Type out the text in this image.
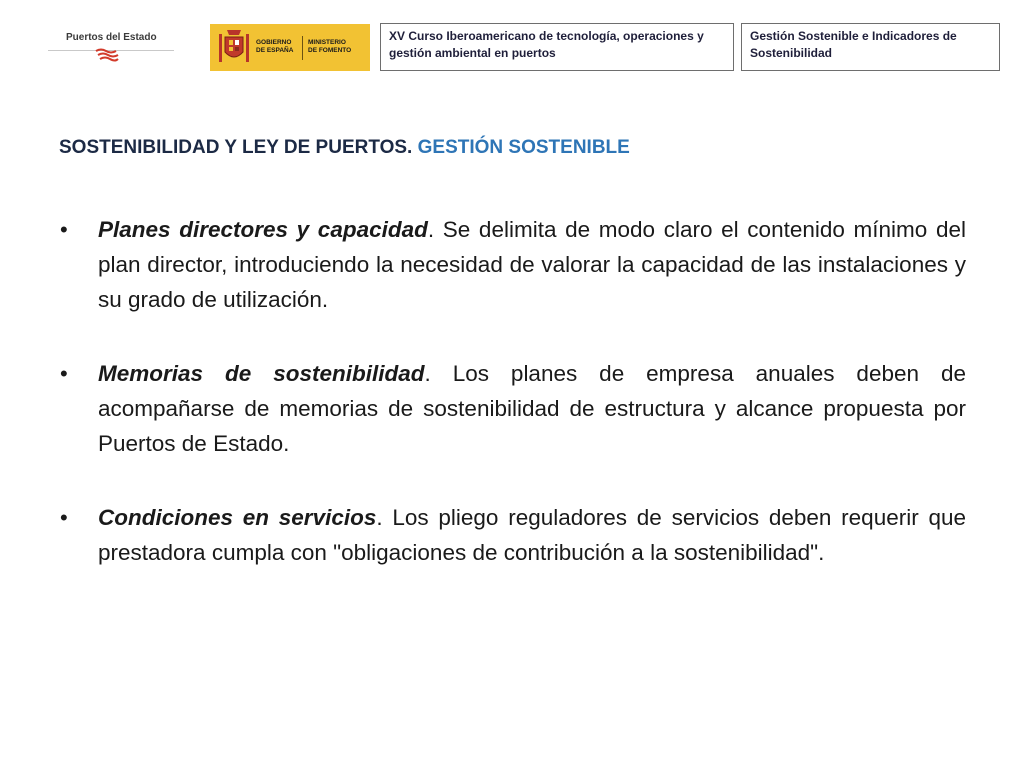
Puertos del Estado	GOBIERNO
DE ESPAÑA
MINISTERIO
DE FOMENTO
XV Curso Iberoamericano de tecnología, operaciones y gestión ambiental en puertos
Gestión Sostenible e Indicadores de Sostenibilidad
SOSTENIBILIDAD Y LEY DE PUERTOS. GESTIÓN SOSTENIBLE
• Planes directores y capacidad. Se delimita de modo claro el contenido mínimo del plan director, introduciendo la necesidad de valorar la capacidad de las instalaciones y su grado de utilización.

• Memorias de sostenibilidad. Los planes de empresa anuales deben de acompañarse de memorias de sostenibilidad de estructura y alcance propuesta por Puertos de Estado.

• Condiciones en servicios. Los pliego reguladores de servicios deben requerir que prestadora cumpla con "obligaciones de contribución a la sostenibilidad".
